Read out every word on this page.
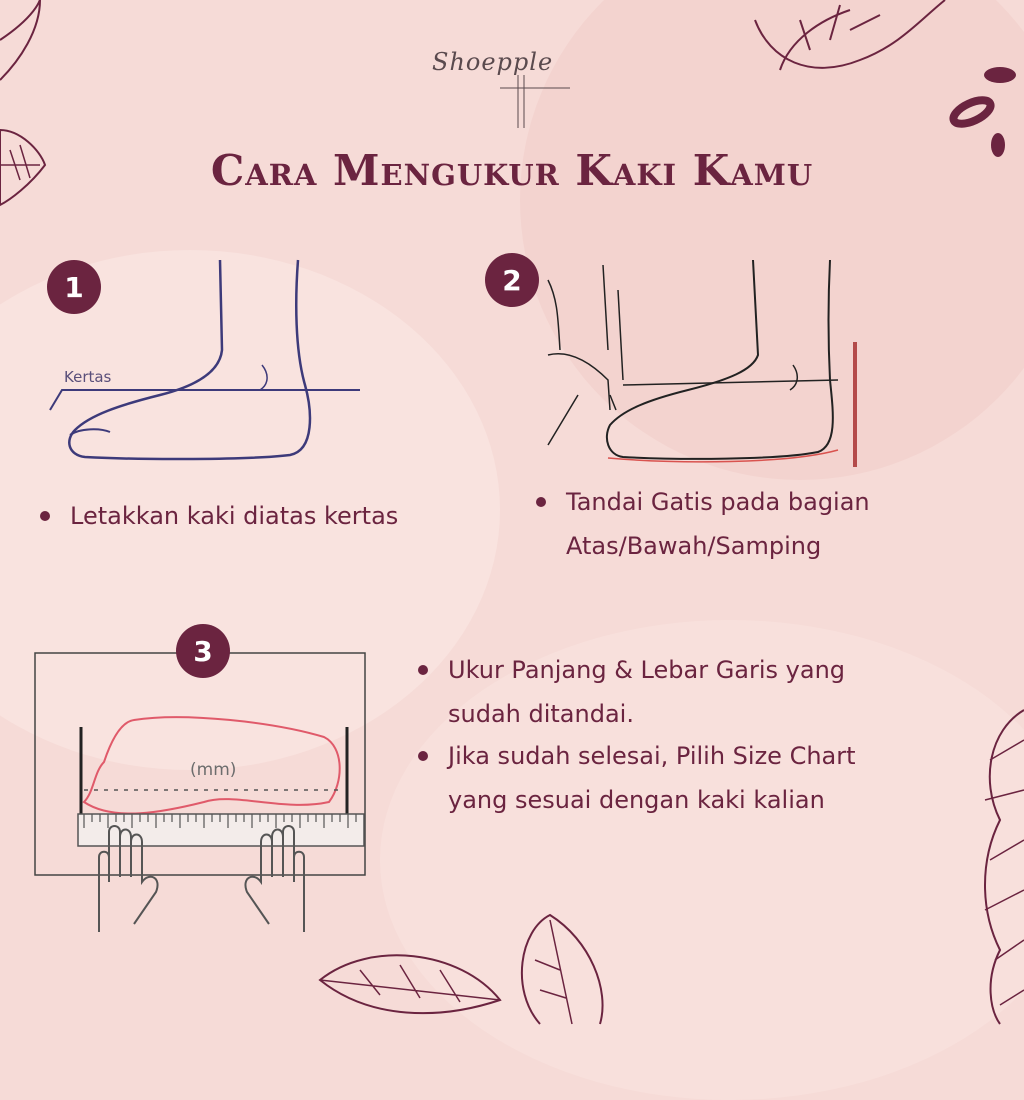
Shoepple
Cara Mengukur Kaki Kamu
1
Kertas
Letakkan kaki diatas kertas
2
Tandai Gatis pada bagian Atas/Bawah/Samping
(mm)
3
Ukur Panjang & Lebar Garis yang sudah ditandai.
Jika sudah selesai, Pilih Size Chart yang sesuai dengan kaki kalian
